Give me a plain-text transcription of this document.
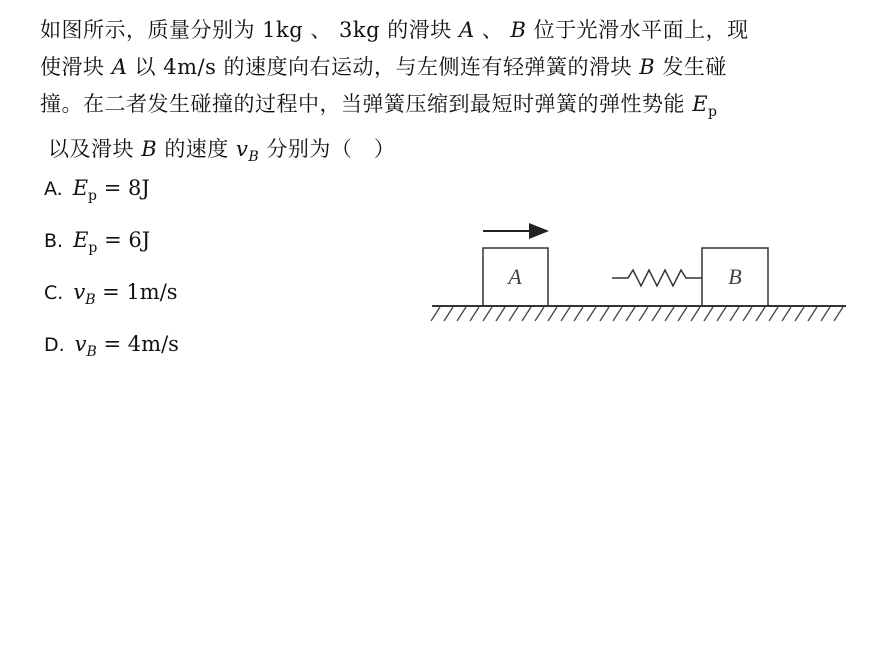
如图所示，质量分别为 1kg 、 3kg 的滑块 A 、 B 位于光滑水平面上，现
使滑块 A 以 4m/s 的速度向右运动，与左侧连有轻弹簧的滑块 B 发生碰
撞。在二者发生碰撞的过程中，当弹簧压缩到最短时弹簧的弹性势能 $E_p$
以及滑块 B 的速度 $v_B$ 分别为（　）
A. $E_p = 8J$
B. $E_p = 6J$
C. $v_B = 1m/s$
D. $v_B = 4m/s$
A	B
